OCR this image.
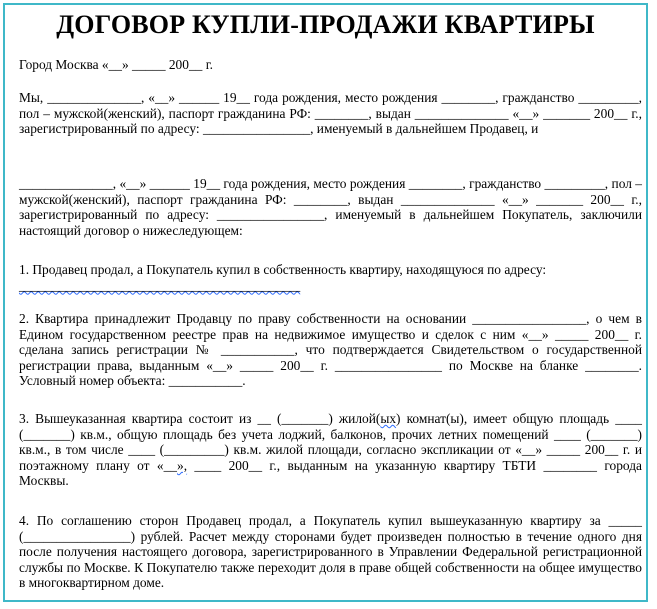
ДОГОВОР КУПЛИ-ПРОДАЖИ КВАРТИРЫ

Город Москва «__» _____ 200__ г.

Мы, ______________, «__» ______ 19__ года рождения, место рождения ________, гражданство _________, пол – мужской(женский), паспорт гражданина РФ: ________, выдан ______________ «__» _______ 200__ г., зарегистрированный по адресу: ________________, именуемый в дальнейшем Продавец, и

______________, «__» ______ 19__ года рождения, место рождения ________, гражданство _________, пол – мужской(женский), паспорт гражданина РФ: ________, выдан ______________ «__» _______ 200__ г., зарегистрированный по адресу: ________________, именуемый в дальнейшем Покупатель, заключили настоящий договор о нижеследующем:

1. Продавец продал, а Покупатель купил в собственность квартиру, находящуюся по адресу:
__________________________________________

2. Квартира принадлежит Продавцу по праву собственности на основании _________________, о чем в Едином государственном реестре прав на недвижимое имущество и сделок с ним «__» _____ 200__ г. сделана запись регистрации № ___________, что подтверждается Свидетельством о государственной регистрации права, выданным «__» _____ 200__ г. ________________ по Москве на бланке ________. Условный номер объекта: ___________.

3. Вышеуказанная квартира состоит из __ (_______) жилой(ых) комнат(ы), имеет общую площадь ____ (_______) кв.м., общую площадь без учета лоджий, балконов, прочих летних помещений ____ (_______) кв.м., в том числе ____ (_________) кв.м. жилой площади, согласно экспликации от «__» _____ 200__ г. и поэтажному плану от «__», ____ 200__ г., выданным на указанную квартиру ТБТИ ________ города Москвы.

4. По соглашению сторон Продавец продал, а Покупатель купил вышеуказанную квартиру за _____ (________________) рублей. Расчет между сторонами будет произведен полностью в течение одного дня после получения настоящего договора, зарегистрированного в Управлении Федеральной регистрационной службы по Москве. К Покупателю также переходит доля в праве общей собственности на общее имущество в многоквартирном доме.
